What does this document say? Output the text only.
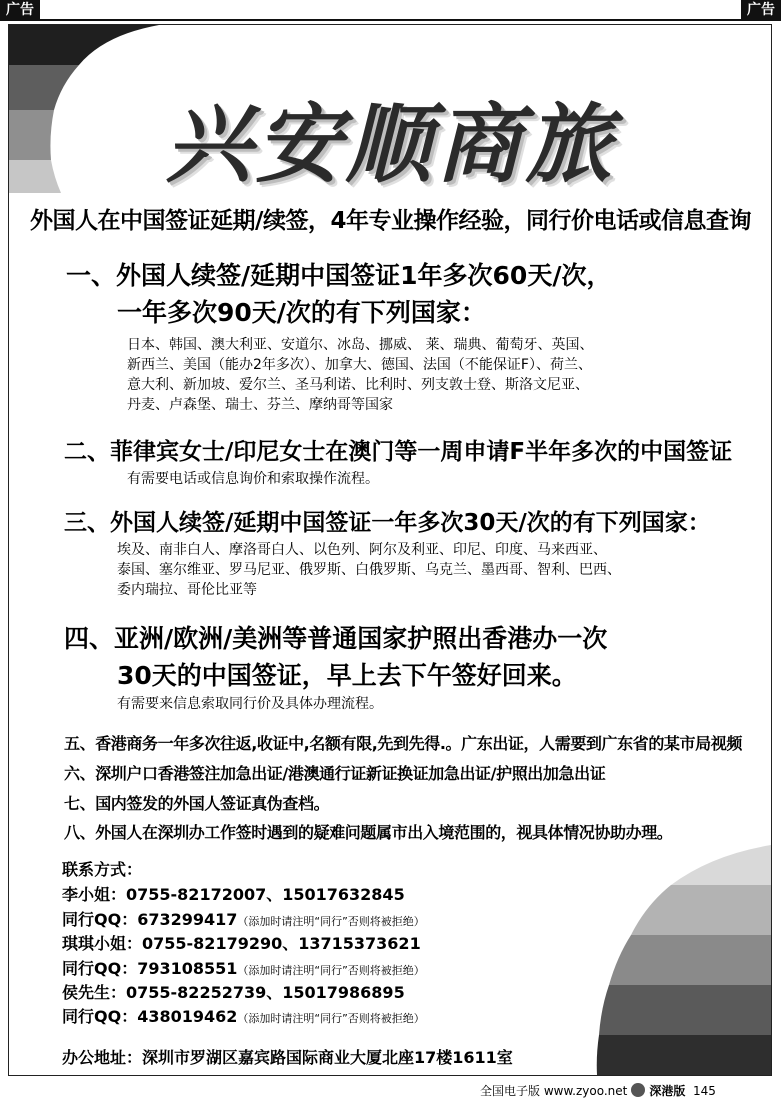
广告	广告
兴安顺商旅
外国人在中国签证延期/续签，4年专业操作经验，同行价电话或信息查询
一、外国人续签/延期中国签证1年多次60天/次，
一年多次90天/次的有下列国家：
日本、韩国、澳大利亚、安道尔、冰岛、挪威、 莱、瑞典、葡萄牙、英国、
新西兰、美国（能办2年多次）、加拿大、德国、法国（不能保证F）、荷兰、
意大利、新加坡、爱尔兰、圣马利诺、比利时、列支敦士登、斯洛文尼亚、
丹麦、卢森堡、瑞士、芬兰、摩纳哥等国家
二、菲律宾女士/印尼女士在澳门等一周申请F半年多次的中国签证
有需要电话或信息询价和索取操作流程。
三、外国人续签/延期中国签证一年多次30天/次的有下列国家：
埃及、南非白人、摩洛哥白人、以色列、阿尔及利亚、印尼、印度、马来西亚、
泰国、塞尔维亚、罗马尼亚、俄罗斯、白俄罗斯、乌克兰、墨西哥、智利、巴西、
委内瑞拉、哥伦比亚等
四、亚洲/欧洲/美洲等普通国家护照出香港办一次
30天的中国签证，早上去下午签好回来。
有需要来信息索取同行价及具体办理流程。
五、香港商务一年多次往返,收证中,名额有限,先到先得.。广东出证，人需要到广东省的某市局视频
六、深圳户口香港签注加急出证/港澳通行证新证换证加急出证/护照出加急出证
七、国内签发的外国人签证真伪查档。
八、外国人在深圳办工作签时遇到的疑难问题属市出入境范围的，视具体情况协助办理。
联系方式：
李小姐：0755-82172007、15017632845
同行QQ：673299417（添加时请注明“同行”否则将被拒绝）
琪琪小姐：0755-82179290、13715373621
同行QQ：793108551（添加时请注明“同行”否则将被拒绝）
侯先生：0755-82252739、15017986895
同行QQ：438019462（添加时请注明“同行”否则将被拒绝）
办公地址：深圳市罗湖区嘉宾路国际商业大厦北座17楼1611室
全国电子版 www.zyoo.net 深港版 145
